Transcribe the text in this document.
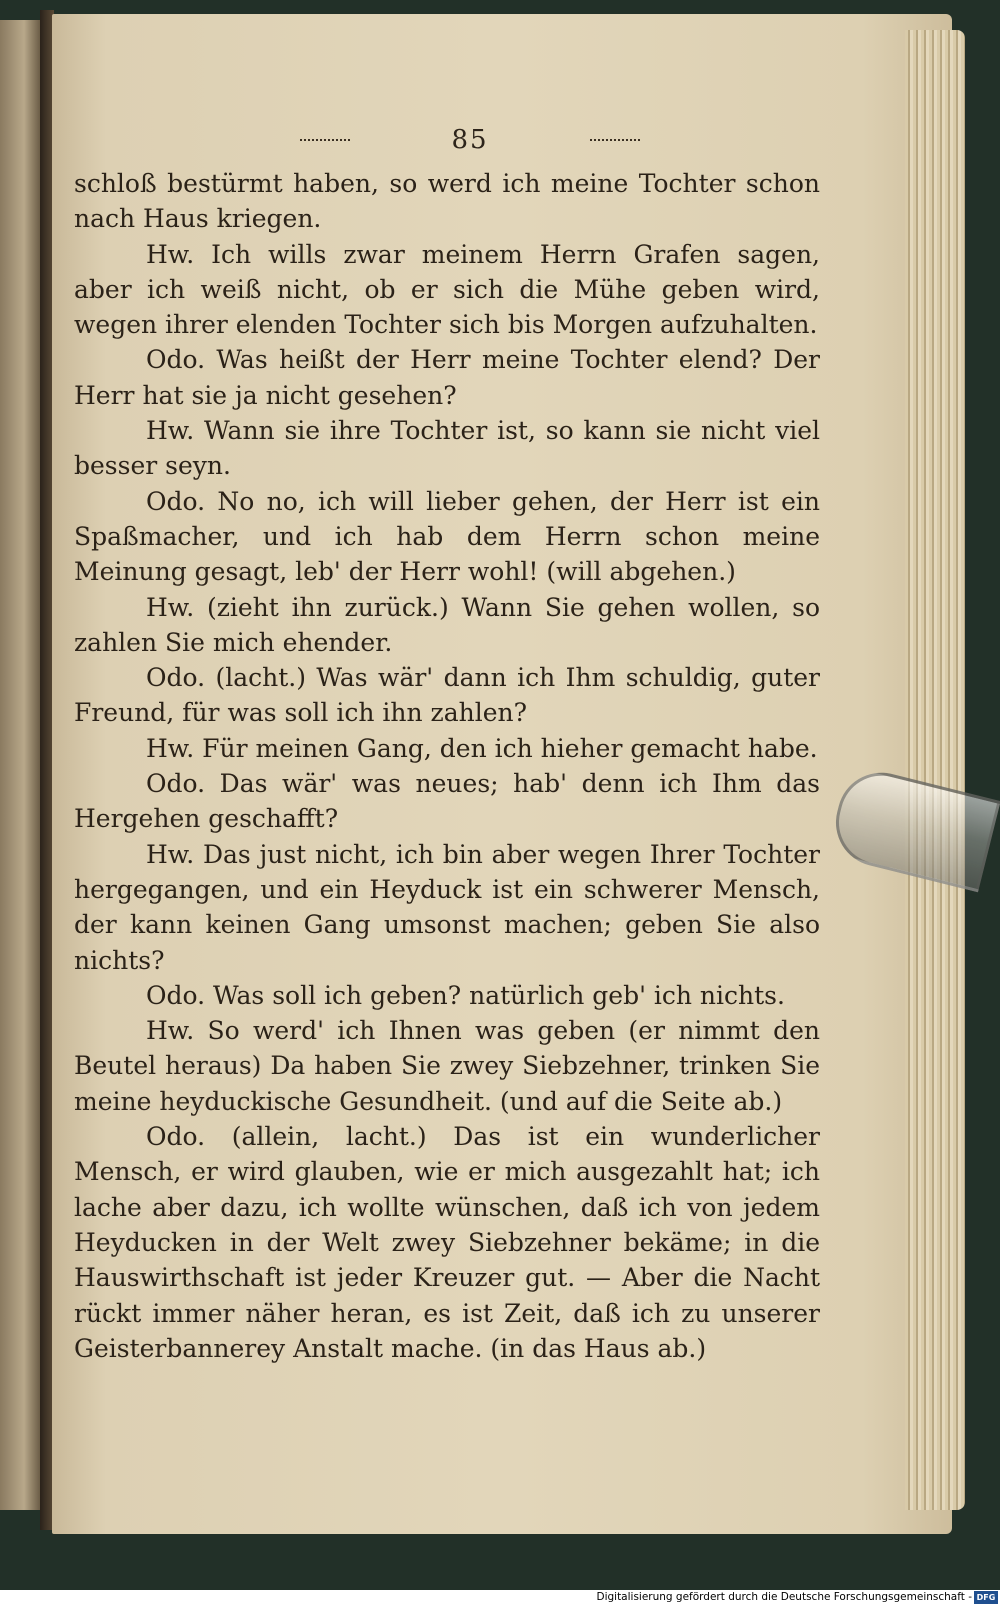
85

schloß bestürmt haben, so werd ich meine Tochter schon nach Haus kriegen.

Hw. Ich wills zwar meinem Herrn Grafen sagen, aber ich weiß nicht, ob er sich die Mühe geben wird, wegen ihrer elenden Tochter sich bis Morgen aufzuhalten.

Odo. Was heißt der Herr meine Tochter elend? Der Herr hat sie ja nicht gesehen?

Hw. Wann sie ihre Tochter ist, so kann sie nicht viel besser seyn.

Odo. No no, ich will lieber gehen, der Herr ist ein Spaßmacher, und ich hab dem Herrn schon meine Meinung gesagt, leb' der Herr wohl! (will abgehen.)

Hw. (zieht ihn zurück.) Wann Sie gehen wollen, so zahlen Sie mich ehender.

Odo. (lacht.) Was wär' dann ich Ihm schuldig, guter Freund, für was soll ich ihn zahlen?

Hw. Für meinen Gang, den ich hieher gemacht habe.

Odo. Das wär' was neues; hab' denn ich Ihm das Hergehen geschafft?

Hw. Das just nicht, ich bin aber wegen Ihrer Tochter hergegangen, und ein Heyduck ist ein schwerer Mensch, der kann keinen Gang umsonst machen; geben Sie also nichts?

Odo. Was soll ich geben? natürlich geb' ich nichts.

Hw. So werd' ich Ihnen was geben (er nimmt den Beutel heraus) Da haben Sie zwey Siebzehner, trinken Sie meine heyduckische Gesundheit. (und auf die Seite ab.)

Odo. (allein, lacht.) Das ist ein wunderlicher Mensch, er wird glauben, wie er mich ausgezahlt hat; ich lache aber dazu, ich wollte wünschen, daß ich von jedem Heyducken in der Welt zwey Siebzehner bekäme; in die Hauswirthschaft ist jeder Kreuzer gut. — Aber die Nacht rückt immer näher heran, es ist Zeit, daß ich zu unserer Geisterbannerey Anstalt mache. (in das Haus ab.)

Digitalisierung gefördert durch die Deutsche Forschungsgemeinschaft - DFG
